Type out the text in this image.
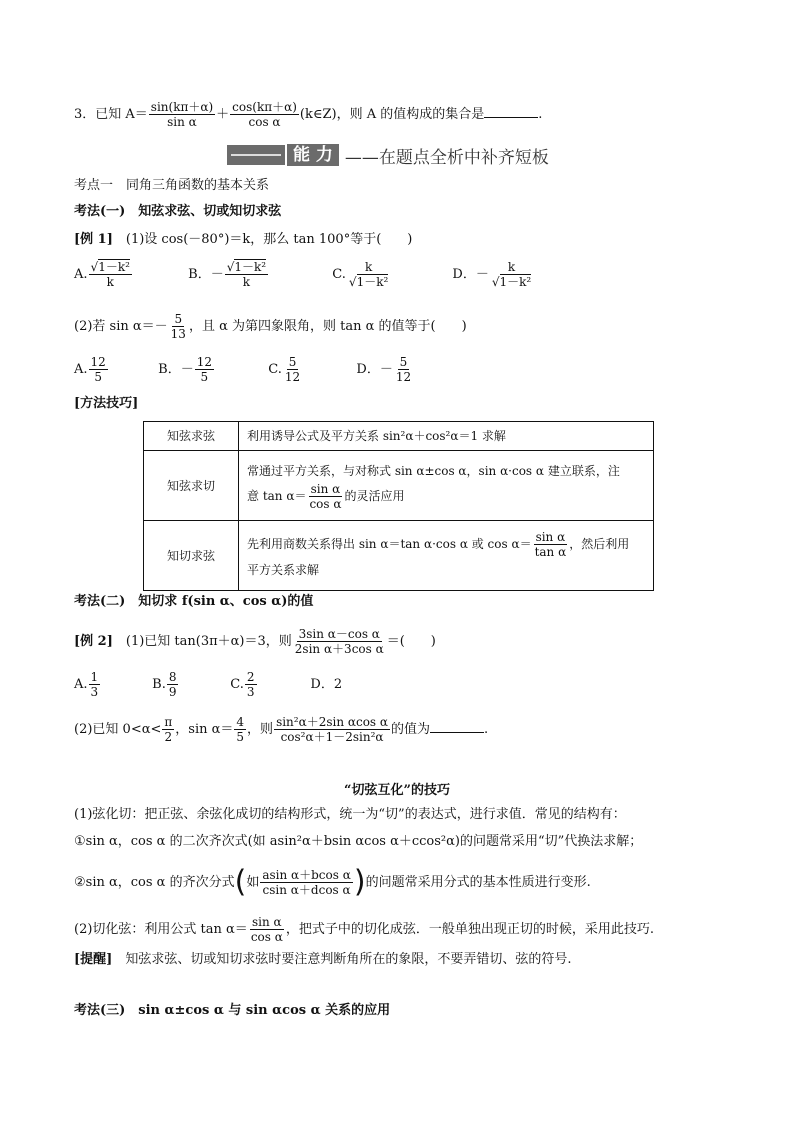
3．已知 $A= \frac{\sin(k\pi+\alpha)}{\text{sin α}} + \frac{\cos(k\pi+\alpha)}{\text{cos α}}$ (k∈Z)，则 A 的值构成的集合是	.
能 力 ——在题点全析中补齐短板
考点一　同角三角函数的基本关系
考法(一)　知弦求弦、切或知切求弦
[例 1]　(1)设 cos(－80°)＝k，那么 tan 100°等于(　　)
A. $\frac{\text{√1－k²}}{k}$	B．－ $\frac{\text{√1－k²}}{k}$	C. $\frac{k}{\text{√1－k²}}$	D．－ $\frac{k}{\text{√1－k²}}$
(2)若 $\sin \alpha=- \frac{5}{13}$ ，且 α 为第四象限角，则 tan α 的值等于(　　)
A. $\frac{12}{5}$	B．－ $\frac{12}{5}$	C. $\frac{5}{12}$	D．－ $\frac{5}{12}$
[方法技巧]
知弦求弦	利用诱导公式及平方关系 sin²α＋cos²α＝1 求解
知弦求切	常通过平方关系，与对称式 sin α±cos α，sin α·cos α 建立联系，注
意 $\tan \alpha= \frac{\text{sin α}}{\text{cos α}}$ 的灵活应用
知切求弦	先利用商数关系得出 sin α＝tan α·cos α 或 $\cos \alpha= \frac{\text{sin α}}{\text{tan α}}$ ，然后利用
平方关系求解
考法(二)　知切求 f(sin α、cos α)的值
[例 2]　(1)已知 tan(3π＋α)＝3，则 $\frac{\text{3sin α－cos α}}{\text{2sin α＋3cos α}}$ ＝(　　)
A. $\frac{1}{3}$	B. $\frac{8}{9}$	C. $\frac{2}{3}$	D．2
(2)已知 $0<\alpha< \frac{\pi}{2}$ ，$\sin \alpha= \frac{4}{5}$ ，则 $\frac{\text{sin²α＋2sin αcos α}}{\text{cos²α＋1－2sin²α}}$ 的值为	.
“切弦互化”的技巧
(1)弦化切：把正弦、余弦化成切的结构形式，统一为“切”的表达式，进行求值．常见的结构有：
①sin α，cos α 的二次齐次式(如 asin²α＋bsin αcos α＋ccos²α)的问题常采用“切”代换法求解；
②sin α，cos α 的齐次分式(如 $\frac{\text{asin α＋bcos α}}{\text{csin α＋dcos α}}$ )的问题常采用分式的基本性质进行变形.
(2)切化弦：利用公式 $\tan \alpha= \frac{\text{sin α}}{\text{cos α}}$ ，把式子中的切化成弦．一般单独出现正切的时候，采用此技巧.
[提醒]　知弦求弦、切或知切求弦时要注意判断角所在的象限，不要弄错切、弦的符号.
考法(三)　sin α±cos α 与 sin αcos α 关系的应用
